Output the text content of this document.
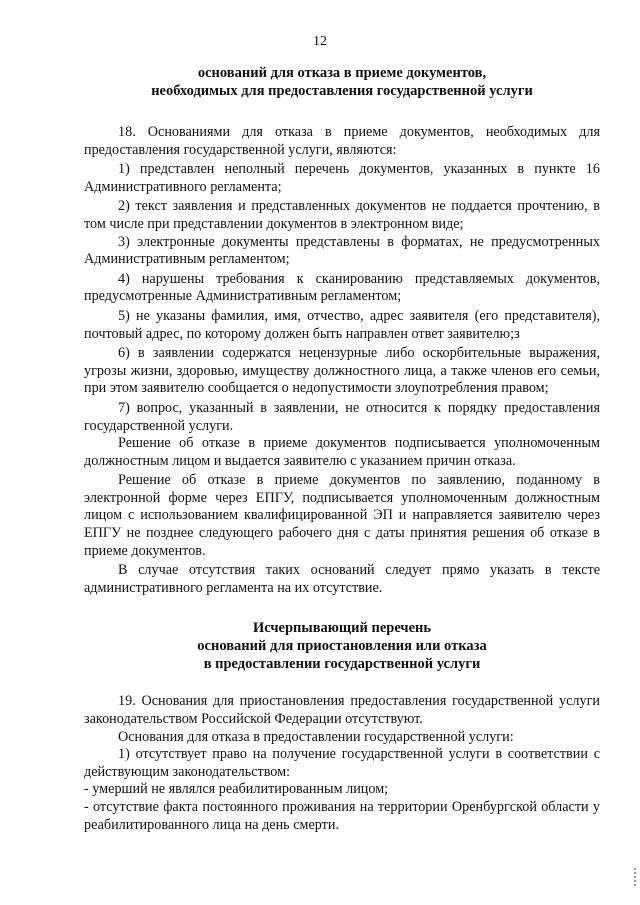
12
оснований для отказа в приеме документов,
необходимых для предоставления государственной услуги

18. Основаниями для отказа в приеме документов, необходимых для предоставления государственной услуги, являются:

1) представлен неполный перечень документов, указанных в пункте 16 Административного регламента;

2) текст заявления и представленных документов не поддается прочтению, в том числе при представлении документов в электронном виде;

3) электронные документы представлены в форматах, не предусмотренных Административным регламентом;

4) нарушены требования к сканированию представляемых документов, предусмотренные Административным регламентом;

5) не указаны фамилия, имя, отчество, адрес заявителя (его представителя), почтовый адрес, по которому должен быть направлен ответ заявителю;з

6) в заявлении содержатся нецензурные либо оскорбительные выражения, угрозы жизни, здоровью, имуществу должностного лица, а также членов его семьи, при этом заявителю сообщается о недопустимости злоупотребления правом;

7) вопрос, указанный в заявлении, не относится к порядку предоставления государственной услуги.

Решение об отказе в приеме документов подписывается уполномоченным должностным лицом и выдается заявителю с указанием причин отказа.

Решение об отказе в приеме документов по заявлению, поданному в электронной форме через ЕПГУ, подписывается уполномоченным должностным лицом с использованием квалифицированной ЭП и направляется заявителю через ЕПГУ не позднее следующего рабочего дня с даты принятия решения об отказе в приеме документов.

В случае отсутствия таких оснований следует прямо указать в тексте административного регламента на их отсутствие.

Исчерпывающий перечень
оснований для приостановления или отказа
в предоставлении государственной услуги

19. Основания для приостановления предоставления государственной услуги законодательством Российской Федерации отсутствуют.

Основания для отказа в предоставлении государственной услуги:

1) отсутствует право на получение государственной услуги в соответствии с действующим законодательством:

- умерший не являлся реабилитированным лицом;

- отсутствие факта постоянного проживания на территории Оренбургской области у реабилитированного лица на день смерти.
